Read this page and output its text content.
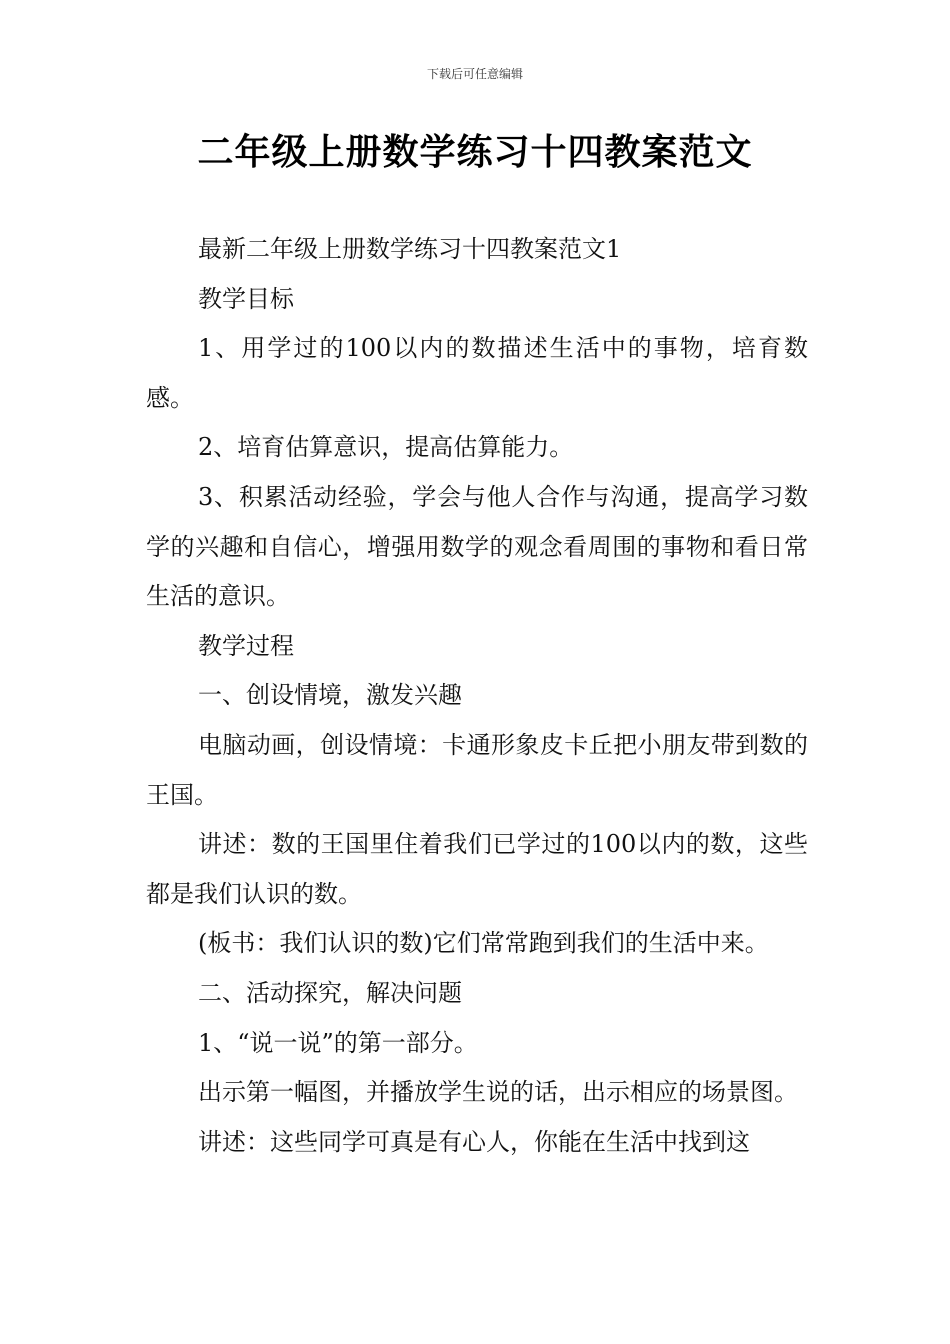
下载后可任意编辑
二年级上册数学练习十四教案范文

最新二年级上册数学练习十四教案范文1

教学目标

1、用学过的100以内的数描述生活中的事物，培育数感。

2、培育估算意识，提高估算能力。

3、积累活动经验，学会与他人合作与沟通，提高学习数学的兴趣和自信心，增强用数学的观念看周围的事物和看日常生活的意识。

教学过程

一、创设情境，激发兴趣

电脑动画，创设情境：卡通形象皮卡丘把小朋友带到数的王国。

讲述：数的王国里住着我们已学过的100以内的数，这些都是我们认识的数。

(板书：我们认识的数)它们常常跑到我们的生活中来。

二、活动探究，解决问题

1、“说一说”的第一部分。

出示第一幅图，并播放学生说的话，出示相应的场景图。

讲述：这些同学可真是有心人，你能在生活中找到这
